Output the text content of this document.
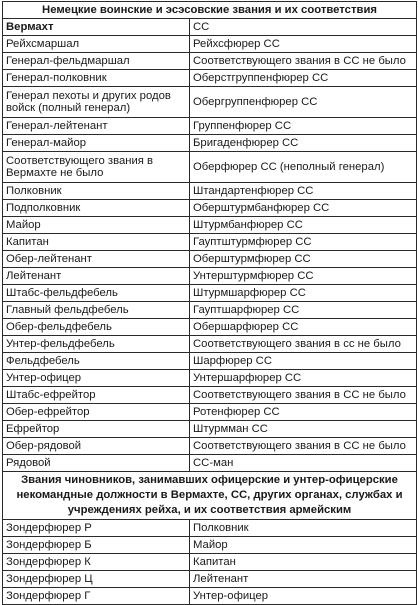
Немецкие воинские и эсэсовские звания и их соответствия	
Вермахт	СС
Рейхсмаршал	Рейхсфюрер СС
Генерал-фельдмаршал	Соответствующего звания в СС не было
Генерал-полковник	Оберстгруппенфюрер СС
Генерал пехоты и других родов войск (полный генерал)	Обергруппенфюрер СС
Генерал-лейтенант	Группенфюрер СС
Генерал-майор	Бригаденфюрер СС
Соответствующего звания в Вермахте не было	Оберфюрер СС (неполный генерал)
Полковник	Штандартенфюрер СС
Подполковник	Оберштурмбанфюрер СС
Майор	Штурмбанфюрер СС
Капитан	Гауптштурмфюрер СС
Обер-лейтенант	Оберштурмфюрер СС
Лейтенант	Унтерштурмфюрер СС
Штабс-фельдфебель	Штурмшарфюрер СС
Главный фельдфебель	Гауптшарфюрер СС
Обер-фельдфебель	Обершарфюрер СС
Унтер-фельдфебель	Соответствующего звания в сс не было
Фельдфебель	Шарфюрер СС
Унтер-офицер	Унтершарфюрер СС
Штабс-ефрейтор	Соответствующего звания в СС не было
Обер-ефрейтор	Ротенфюрер СС
Ефрейтор	Штурмман СС
Обер-рядовой	Соответствующего звания в СС не было
Рядовой	СС-ман
Звания чиновников, занимавших офицерские и унтер-офицерские некомандные должности в Вермахте, СС, других органах, службах и учреждениях рейха, и их соответствия армейским	
Зондерфюрер Р	Полковник
Зондерфюрер Б	Майор
Зондерфюрер К	Капитан
Зондерфюрер Ц	Лейтенант
Зондерфюрер Г	Унтер-офицер
